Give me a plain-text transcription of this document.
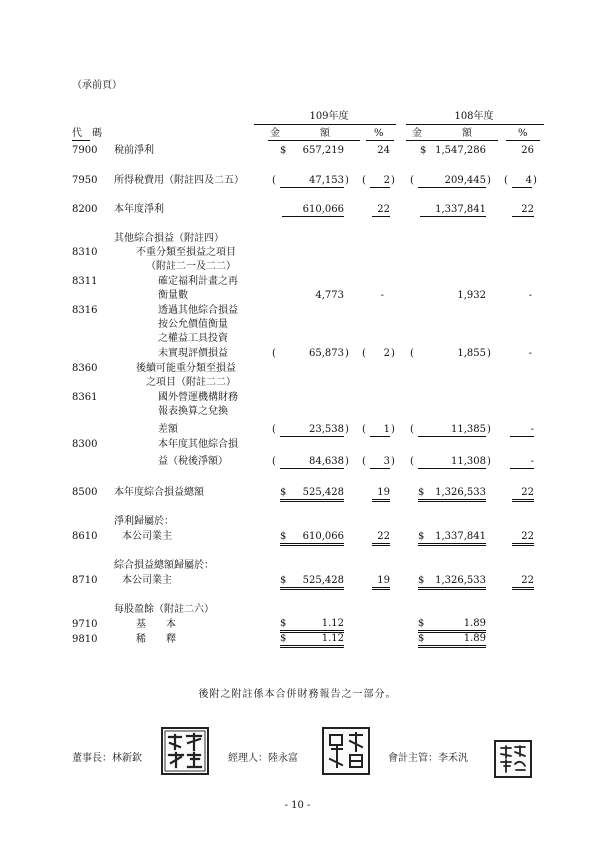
（承前頁）
109年度	108年度
代　碼	金　　　　額	%	金　　　　額	%
7900 稅前淨利	$	657,219	24	$ 1,547,286	26
7950 所得稅費用（附註四及二五）	(	47,153 ) (	2 ) (	209,445 ) (	4 )
8200 本年度淨利	610,066	22	1,337,841	22
其他綜合損益（附註四）
8310	不重分類至損益之項目
（附註二一及二二）
8311	確定福利計畫之再
衡量數	4,773	-	1,932	-
8316	透過其他綜合損益
按公允價值衡量
之權益工具投資
未實現評價損益	(	65,873 ) (	2 ) (	1,855 )	-
8360	後續可能重分類至損益
之項目（附註二二）
8361	國外營運機構財務
報表換算之兌換
差額	(	23,538 ) (	1 ) (	11,385 )	-
8300	本年度其他綜合損
益（稅後淨額）	(	84,638 ) (	3 ) (	11,308 )	-
8500 本年度綜合損益總額	$ 525,428	19	$ 1,326,533	22
淨利歸屬於：
8610 本公司業主	$ 610,066	22	$ 1,337,841	22
綜合損益總額歸屬於：
8710 本公司業主	$ 525,428	19	$ 1,326,533	22
每股盈餘（附註二六）
9710	基　　本	$	1.12	$	1.89
9810	稀　　釋	$	1.12	$	1.89
後附之附註係本合併財務報告之一部分。
董事長：林新欽	經理人：陸永富	會計主管：李禾汎
- 10 -
